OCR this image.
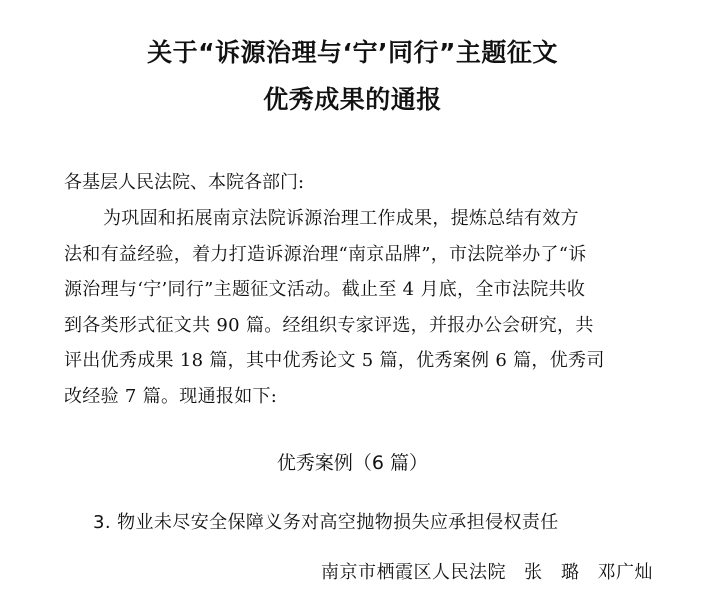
关于“诉源治理与‘宁’同行”主题征文
优秀成果的通报
各基层人民法院、本院各部门:
为巩固和拓展南京法院诉源治理工作成果，提炼总结有效方
法和有益经验，着力打造诉源治理“南京品牌”，市法院举办了“诉
源治理与‘宁’同行”主题征文活动。截止至 4 月底，全市法院共收
到各类形式征文共 90 篇。经组织专家评选，并报办公会研究，共
评出优秀成果 18 篇，其中优秀论文 5 篇，优秀案例 6 篇，优秀司
改经验 7 篇。现通报如下:
优秀案例（6 篇）
3. 物业未尽安全保障义务对高空抛物损失应承担侵权责任
南京市栖霞区人民法院 张　璐 邓广灿
